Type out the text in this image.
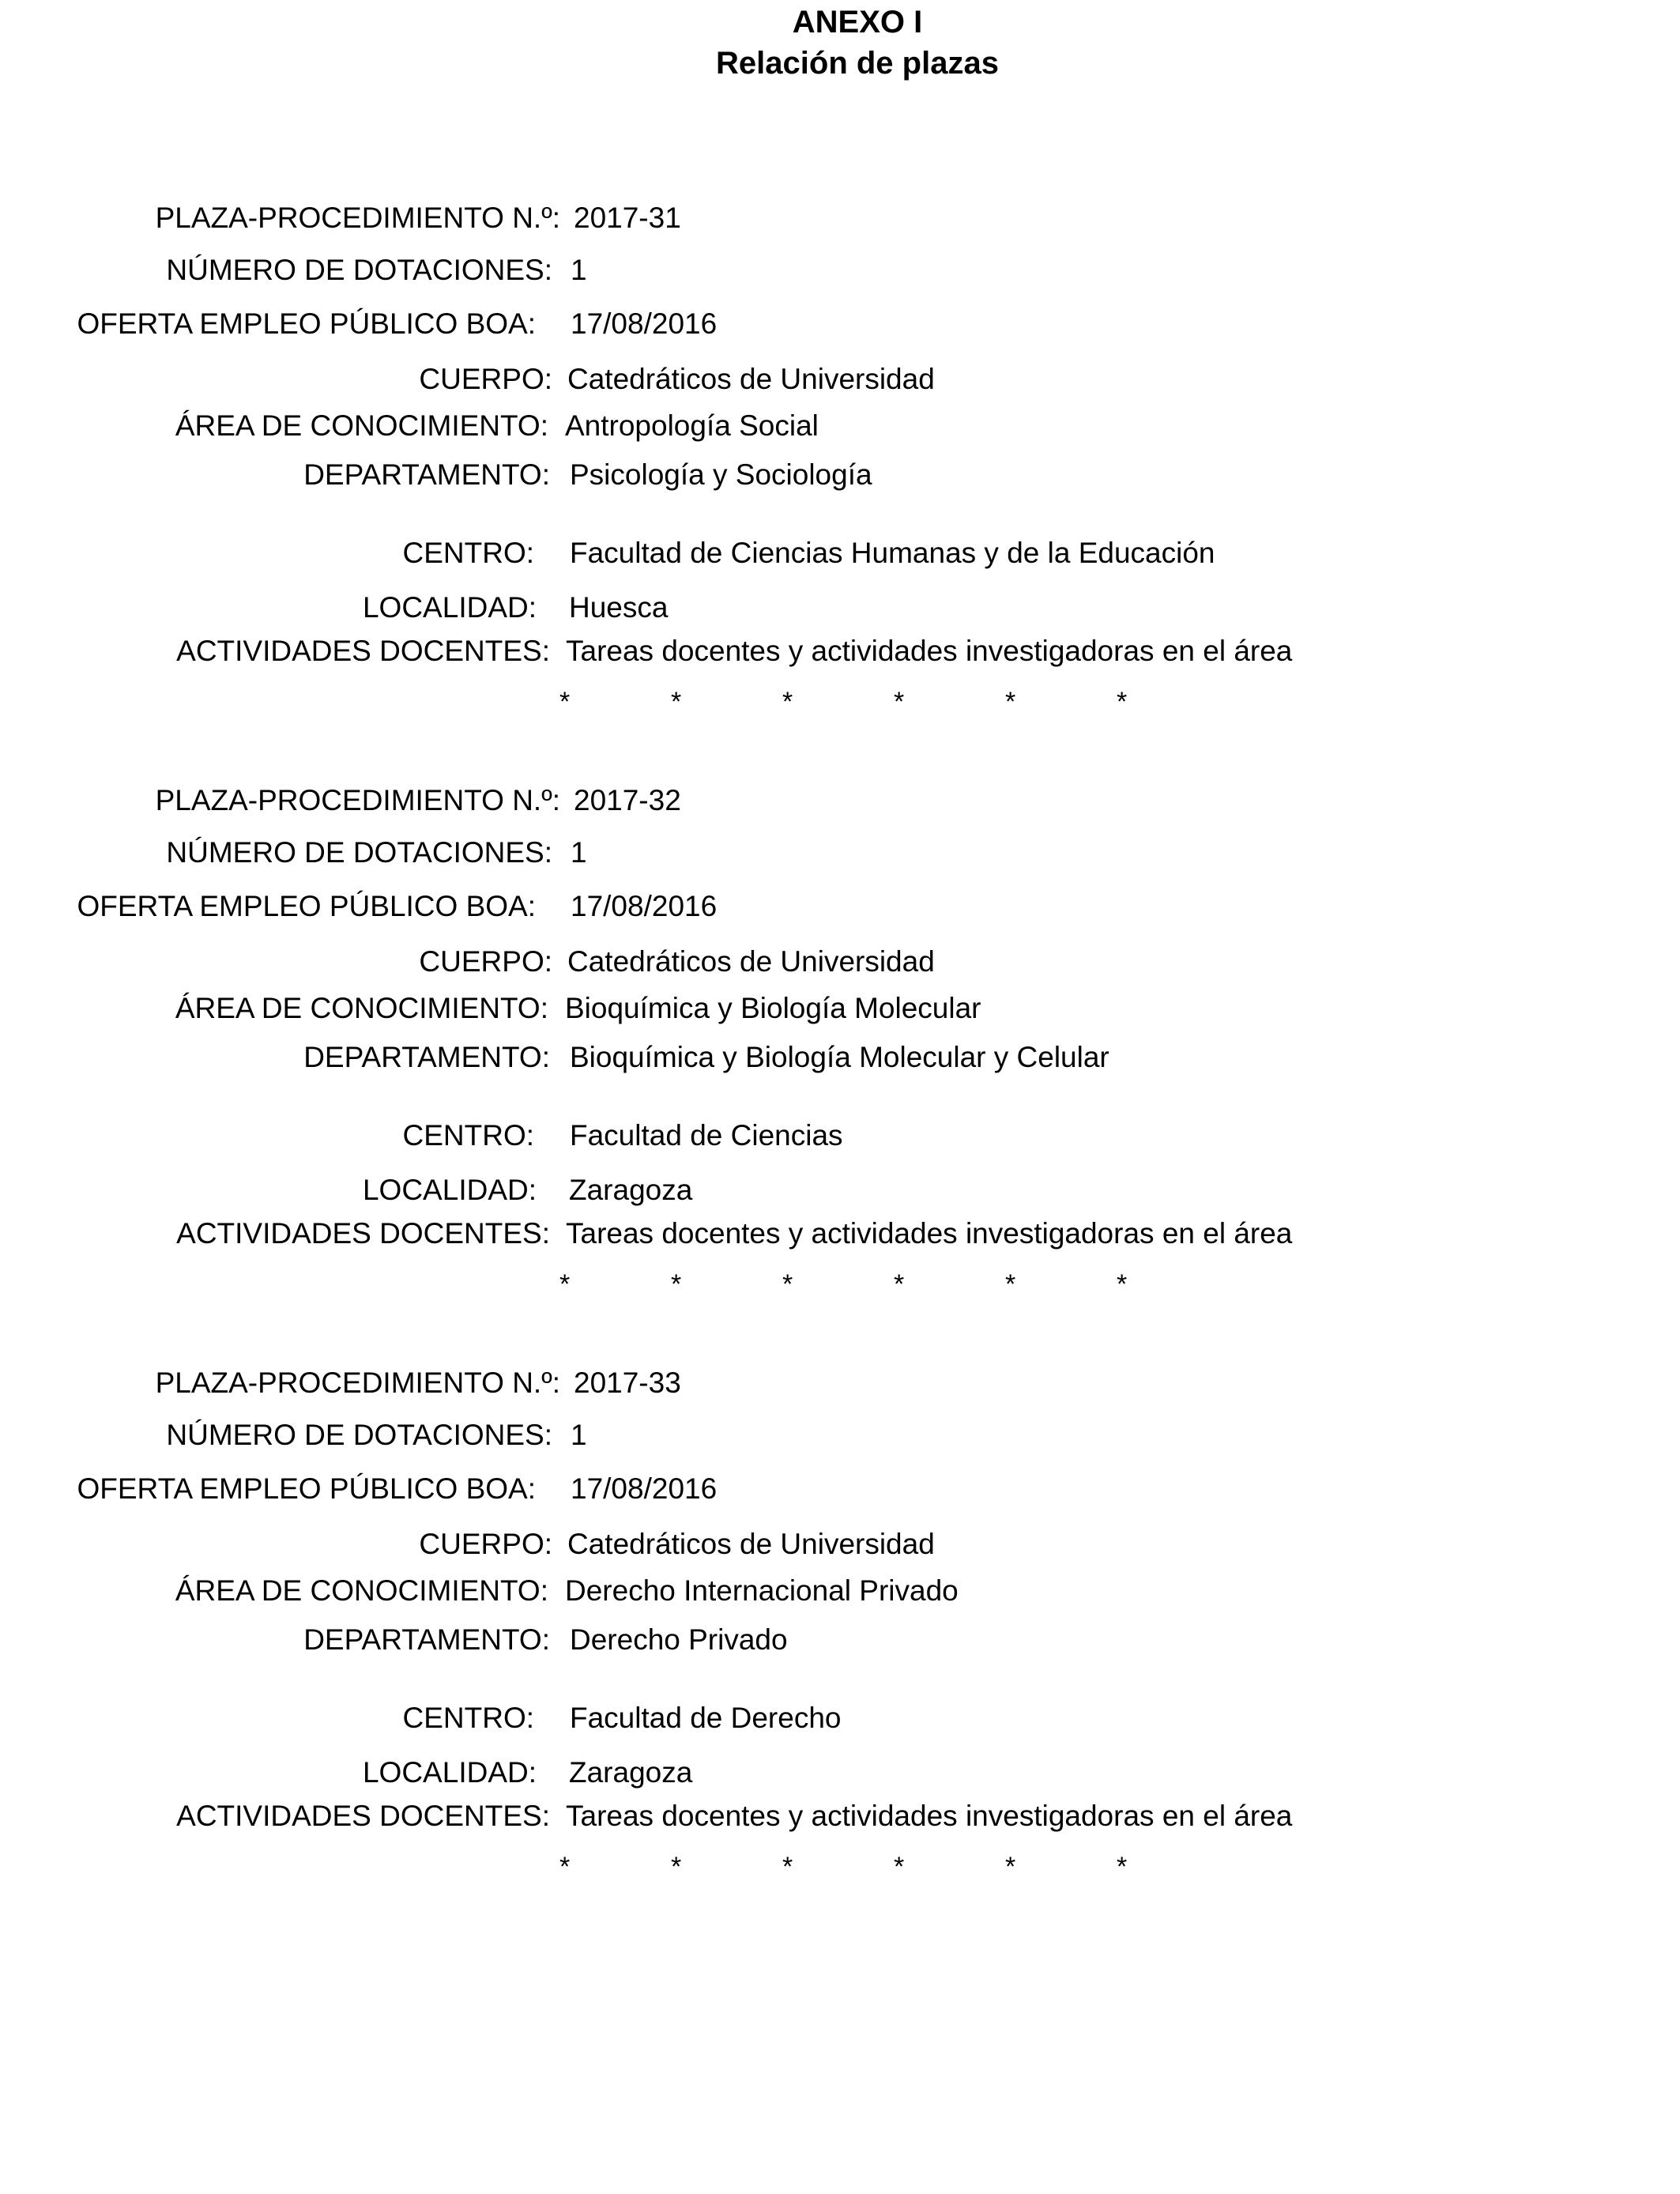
ANEXO I
Relación de plazas
PLAZA-PROCEDIMIENTO N.º: 2017-31
NÚMERO DE DOTACIONES: 1
OFERTA EMPLEO PÚBLICO BOA: 17/08/2016
CUERPO: Catedráticos de Universidad
ÁREA DE CONOCIMIENTO: Antropología Social
DEPARTAMENTO: Psicología y Sociología
CENTRO: Facultad de Ciencias Humanas y de la Educación
LOCALIDAD: Huesca
ACTIVIDADES DOCENTES: Tareas docentes y actividades investigadoras en el área
*	*	*	*	*	*
PLAZA-PROCEDIMIENTO N.º: 2017-32
NÚMERO DE DOTACIONES: 1
OFERTA EMPLEO PÚBLICO BOA: 17/08/2016
CUERPO: Catedráticos de Universidad
ÁREA DE CONOCIMIENTO: Bioquímica y Biología Molecular
DEPARTAMENTO: Bioquímica y Biología Molecular y Celular
CENTRO: Facultad de Ciencias
LOCALIDAD: Zaragoza
ACTIVIDADES DOCENTES: Tareas docentes y actividades investigadoras en el área
*	*	*	*	*	*
PLAZA-PROCEDIMIENTO N.º: 2017-33
NÚMERO DE DOTACIONES: 1
OFERTA EMPLEO PÚBLICO BOA: 17/08/2016
CUERPO: Catedráticos de Universidad
ÁREA DE CONOCIMIENTO: Derecho Internacional Privado
DEPARTAMENTO: Derecho Privado
CENTRO: Facultad de Derecho
LOCALIDAD: Zaragoza
ACTIVIDADES DOCENTES: Tareas docentes y actividades investigadoras en el área
*	*	*	*	*	*
